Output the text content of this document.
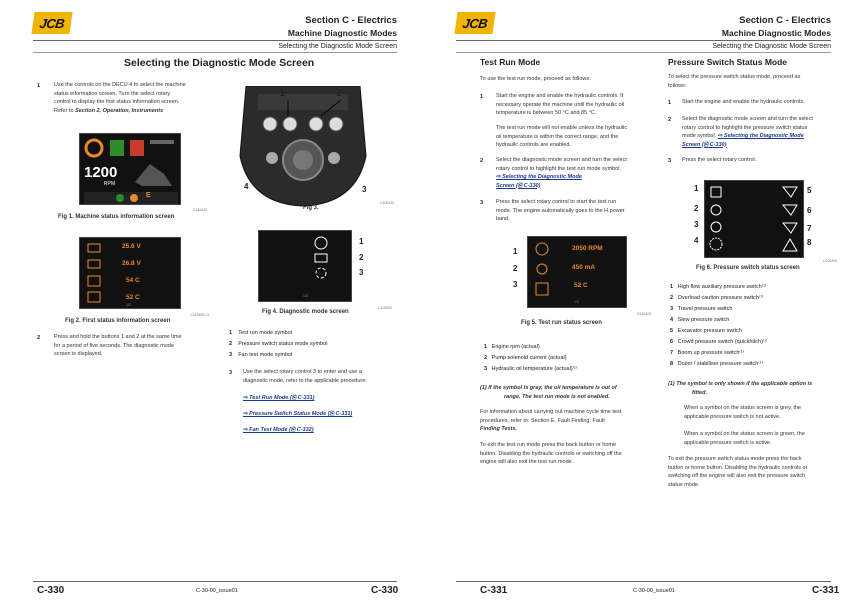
JCB	Section C - Electrics
Machine Diagnostic Modes
Selecting the Diagnostic Mode Screen
Selecting the Diagnostic Mode Screen
1	Use the controls on the DECU 4 to select the machine
status information screen. Turn the select rotary
control to display the first status information screen.
Refer to Section 2, Operation, Instruments
1200
RPM
E
C140400
Fig 1. Machine status information screen
25.6 V
26.8 V
54 C
52 C
1/2
C140500-C1
Fig 2. First status information screen
2	Press and hold the buttons 1 and 2 at the same time
for a period of five seconds. The diagnostic mode
screen is displayed.
1	2
3
4
C100420
Fig 3.
1/3
1
2
3
C100500
Fig 4. Diagnostic mode screen
1 Test run mode symbol
2 Pressure switch status mode symbol
3 Fan test mode symbol
3 Use the select rotary control 3 to enter and use a
diagnostic mode, refer to the applicable procedure:
⇨ Test Run Mode (⎘ C-331)
⇨ Pressure Switch Status Mode (⎘ C-331)
⇨ Fan Test Mode (⎘ C-332)
C-330	C-30-00_issue01	C-330
JCB	Section C - Electrics
Machine Diagnostic Modes
Selecting the Diagnostic Mode Screen
Test Run Mode
To use the test run mode, proceed as follows:
1 Start the engine and enable the hydraulic controls. If
necessary operate the machine until the hydraulic oil
temperature is between 50 °C and 85 °C.
The test run mode will not enable unless the hydraulic
oil temperature is within the correct range, and the
hydraulic controls are enabled.
2 Select the diagnostic mode screen and turn the select
rotary control to highlight the test run mode symbol.
⇨ Selecting the Diagnostic Mode
Screen (⎘ C-330)
3 Press the select rotary control to start the test run
mode. The engine automatically goes to the H power
band.
2050 RPM
450 mA
52 C
1/3
1
2
3
C140400
Fig 5. Test run status screen
1 Engine rpm (actual)
2 Pump solenoid current (actual)
3 Hydraulic oil temperature (actual)⁽¹⁾
(1) If the symbol is grey, the oil temperature is out of
range. The test run mode is not enabled.
For information about carrying out machine cycle time test
procedures, refer to: Section E, Fault Finding, Fault
Finding Tests.
To exit the test run mode press the back button or home
button. Disabling the hydraulic controls or switching off the
engine will also exit the test run mode.
Pressure Switch Status Mode
To select the pressure switch status mode, proceed as
follows:
1 Start the engine and enable the hydraulic controls.
2 Select the diagnostic mode screen and turn the select
rotary control to highlight the pressure switch status
mode symbol. ⇨ Selecting the Diagnostic Mode
Screen (⎘ C-330)
3 Press the select rotary control.
1
2
3
4
5
6
7
8
C100390
Fig 6. Pressure switch status screen
1 High flow auxiliary pressure switch⁽¹⁾
2 Overload caution pressure switch⁽¹⁾
3 Travel pressure switch
4 Slew pressure switch
5 Excavator pressure switch
6 Crowd pressure switch (quickhitch)⁽¹⁾
7 Boom up pressure switch⁽¹⁾
8 Dozer / stabiliser pressure switch⁽¹⁾
(1) The symbol is only shown if the applicable option is
fitted.
When a symbol on the status screen is grey, the
applicable pressure switch is not active.
When a symbol on the status screen is green, the
applicable pressure switch is active.
To exit the pressure switch status mode press the back
button or home button. Disabling the hydraulic controls or
switching off the engine will also exit the pressure switch
status mode.
C-331	C-30-00_issue01	C-331
